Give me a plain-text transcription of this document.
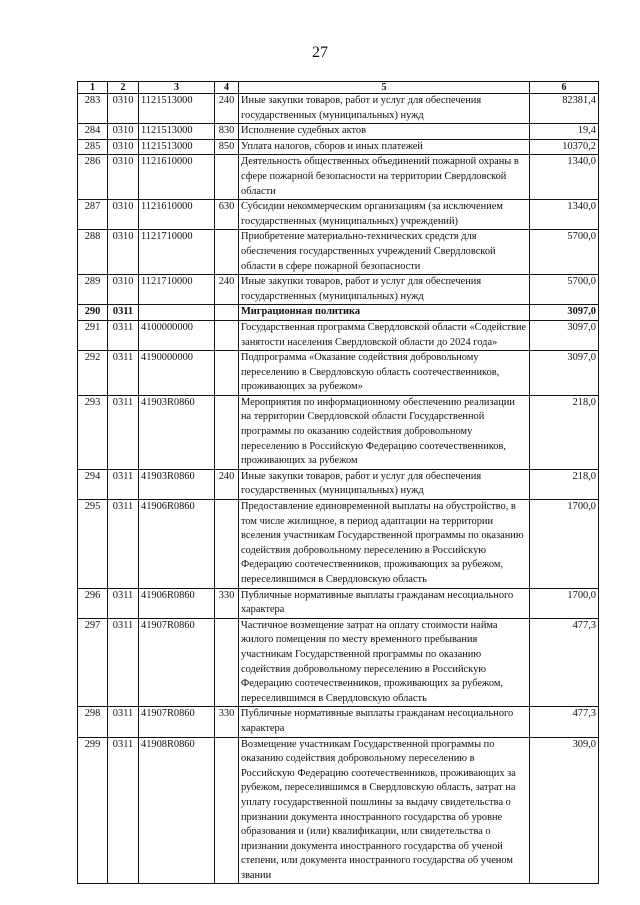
27
1	2	3	4	5	6
283	0310	1121513000	240	Иные закупки товаров, работ и услуг для обеспечения государственных (муниципальных) нужд	82381,4
284	0310	1121513000	830	Исполнение судебных актов	19,4
285	0310	1121513000	850	Уплата налогов, сборов и иных платежей	10370,2
286	0310	1121610000		Деятельность общественных объединений пожарной охраны в сфере пожарной безопасности на территории Свердловской области	1340,0
287	0310	1121610000	630	Субсидии некоммерческим организациям (за исключением государственных (муниципальных) учреждений)	1340,0
288	0310	1121710000		Приобретение материально-технических средств для обеспечения государственных учреждений Свердловской области в сфере пожарной безопасности	5700,0
289	0310	1121710000	240	Иные закупки товаров, работ и услуг для обеспечения государственных (муниципальных) нужд	5700,0
290	0311			Миграционная политика	3097,0
291	0311	4100000000		Государственная программа Свердловской области «Содействие занятости населения Свердловской области до 2024 года»	3097,0
292	0311	4190000000		Подпрограмма «Оказание содействия добровольному переселению в Свердловскую область соотечественников, проживающих за рубежом»	3097,0
293	0311	41903R0860		Мероприятия по информационному обеспечению реализации на территории Свердловской области Государственной программы по оказанию содействия добровольному переселению в Российскую Федерацию соотечественников, проживающих за рубежом	218,0
294	0311	41903R0860	240	Иные закупки товаров, работ и услуг для обеспечения государственных (муниципальных) нужд	218,0
295	0311	41906R0860		Предоставление единовременной выплаты на обустройство, в том числе жилищное, в период адаптации на территории вселения участникам Государственной программы по оказанию содействия добровольному переселению в Российскую Федерацию соотечественников, проживающих за рубежом, переселившимся в Свердловскую область	1700,0
296	0311	41906R0860	330	Публичные нормативные выплаты гражданам несоциального характера	1700,0
297	0311	41907R0860		Частичное возмещение затрат на оплату стоимости найма жилого помещения по месту временного пребывания участникам Государственной программы по оказанию содействия добровольному переселению в Российскую Федерацию соотечественников, проживающих за рубежом, переселившимся в Свердловскую область	477,3
298	0311	41907R0860	330	Публичные нормативные выплаты гражданам несоциального характера	477,3
299	0311	41908R0860		Возмещение участникам Государственной программы по оказанию содействия добровольному переселению в Российскую Федерацию соотечественников, проживающих за рубежом, переселившимся в Свердловскую область, затрат на уплату государственной пошлины за выдачу свидетельства о признании документа иностранного государства об уровне образования и (или) квалификации, или свидетельства о признании документа иностранного государства об ученой степени, или документа иностранного государства об ученом звании	309,0
